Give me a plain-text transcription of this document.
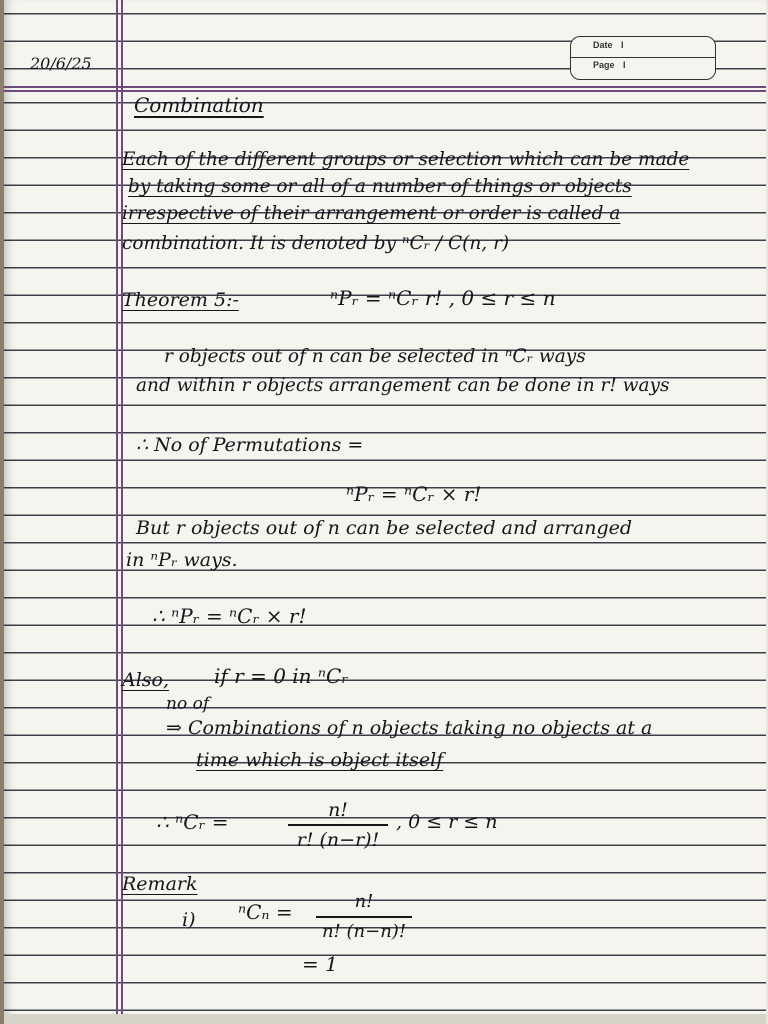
Date I
Page I
20/6/25
Combination
Each of the different groups or selection which can be made
by taking some or all of a number of things or objects
irrespective of their arrangement or order is called a
combination. It is denoted by ⁿCᵣ / C(n, r)
Theorem 5:-	ⁿPᵣ = ⁿCᵣ r! , 0 ≤ r ≤ n
r objects out of n can be selected in ⁿCᵣ ways
and within r objects arrangement can be done in r! ways
∴ No of Permutations =
ⁿPᵣ = ⁿCᵣ × r!
But r objects out of n can be selected and arranged
in ⁿPᵣ ways.
∴ ⁿPᵣ = ⁿCᵣ × r!
Also, if r = 0 in ⁿCᵣ
no of
⇒ Combinations of n objects taking no objects at a
time which is object itself
∴ ⁿCᵣ =	n!
r! (n−r)!
, 0 ≤ r ≤ n
Remark
i) ⁿCₙ =	n!
n! (n−n)!
= 1
